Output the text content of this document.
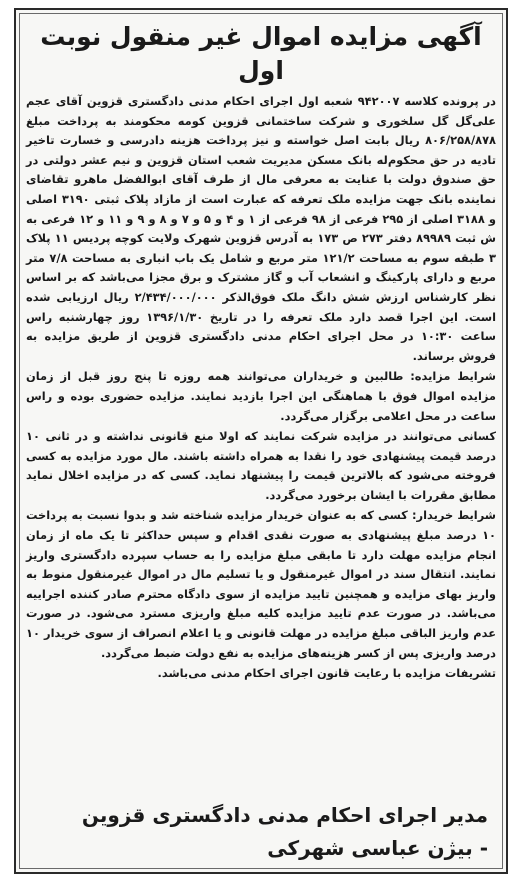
آگهی مزایده اموال غیر منقول نوبت اول

در پرونده کلاسه ۹۴۲۰۰۷ شعبه اول اجرای احکام مدنی دادگستری قزوین آقای عجم علی‌گل گل سلخوری و شرکت ساختمانی قزوین کومه محکومند به پرداخت مبلغ ۸۰۶/۲۵۸/۸۷۸ ریال بابت اصل خواسته و نیز پرداخت هزینه دادرسی و خسارت تاخیر تادیه در حق محکوم‌له بانک مسکن مدیریت شعب استان قزوین و نیم عشر دولتی در حق صندوق دولت با عنایت به معرفی مال از طرف آقای ابوالفضل ماهرو تقاضای نماینده بانک جهت مزایده ملک تعرفه که عبارت است از مازاد پلاک ثبتی ۳۱۹۰ اصلی و ۳۱۸۸ اصلی از ۲۹۵ فرعی از ۹۸ فرعی از ۱ و ۴ و ۵ و ۷ و ۸ و ۹ و ۱۱ و ۱۲ فرعی به ش ثبت ۸۹۹۸۹ دفتر ۲۷۳ ص ۱۷۳ به آدرس قزوین شهرک ولایت کوچه پردیس ۱۱ پلاک ۳ طبقه سوم به مساحت ۱۲۱/۲ متر مربع و شامل یک باب انباری به مساحت ۷/۸ متر مربع و دارای پارکینگ و انشعاب آب و گاز مشترک و برق مجزا می‌باشد که بر اساس نظر کارشناس ارزش شش دانگ ملک فوق‌الذکر ۲/۴۳۴/۰۰۰/۰۰۰ ریال ارزیابی شده است. این اجرا قصد دارد ملک تعرفه را در تاریخ ۱۳۹۶/۱/۳۰ روز چهارشنبه راس ساعت ۱۰:۳۰ در محل اجرای احکام مدنی دادگستری قزوین از طریق مزایده به فروش برساند.

شرایط مزایده: طالبین و خریداران می‌توانند همه روزه تا پنج روز قبل از زمان مزایده اموال فوق با هماهنگی این اجرا بازدید نمایند. مزایده حضوری بوده و راس ساعت در محل اعلامی برگزار می‌گردد.

کسانی می‌توانند در مزایده شرکت نمایند که اولا منع قانونی نداشته و در ثانی ۱۰ درصد قیمت پیشنهادی خود را نقدا به همراه داشته باشند. مال مورد مزایده به کسی فروخته می‌شود که بالاترین قیمت را پیشنهاد نماید. کسی که در مزایده اخلال نماید مطابق مقررات با ایشان برخورد می‌گردد.

شرایط خریدار: کسی که به عنوان خریدار مزایده شناخته شد و بدوا نسبت به پرداخت ۱۰ درصد مبلغ پیشنهادی به صورت نقدی اقدام و سپس حداکثر تا یک ماه از زمان انجام مزایده مهلت دارد تا مابقی مبلغ مزایده را به حساب سپرده دادگستری واریز نمایند. انتقال سند در اموال غیرمنقول و یا تسلیم مال در اموال غیرمنقول منوط به واریز بهای مزایده و همچنین تایید مزایده از سوی دادگاه محترم صادر کننده اجراییه می‌باشد. در صورت عدم تایید مزایده کلیه مبلغ واریزی مسترد می‌شود. در صورت عدم واریز الباقی مبلغ مزایده در مهلت قانونی و یا اعلام انصراف از سوی خریدار ۱۰ درصد واریزی پس از کسر هزینه‌های مزایده به نفع دولت ضبط می‌گردد.

تشریفات مزایده با رعایت قانون اجرای احکام مدنی می‌باشد.

مدیر اجرای احکام مدنی دادگستری قزوین
- بیژن عباسی شهرکی
